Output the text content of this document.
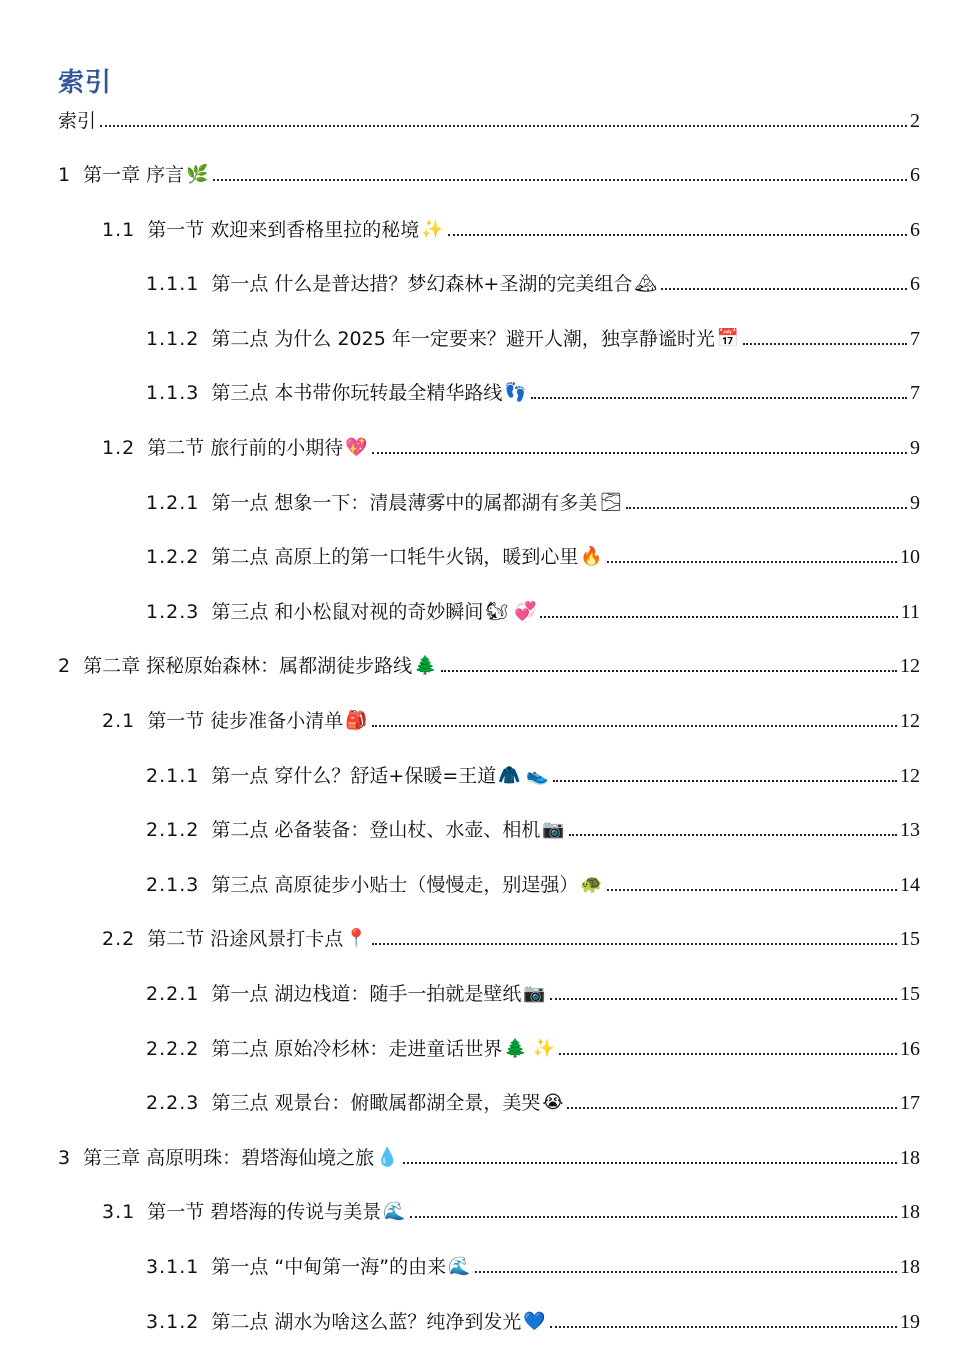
索引
索引	2
1 第一章 序言 🌿	6
1.1 第一节 欢迎来到香格里拉的秘境 ✨	6
1.1.1 第一点 什么是普达措？梦幻森林+圣湖的完美组合 🏔	6
1.1.2 第二点 为什么 2025 年一定要来？避开人潮，独享静谧时光 📅	7
1.1.3 第三点 本书带你玩转最全精华路线 👣	7
1.2 第二节 旅行前的小期待 💖	9
1.2.1 第一点 想象一下：清晨薄雾中的属都湖有多美 🌫	9
1.2.2 第二点 高原上的第一口牦牛火锅，暖到心里 🔥	10
1.2.3 第三点 和小松鼠对视的奇妙瞬间 🐿 💞	11
2 第二章 探秘原始森林：属都湖徒步路线 🌲	12
2.1 第一节 徒步准备小清单 🎒	12
2.1.1 第一点 穿什么？舒适+保暖=王道 🧥 👟	12
2.1.2 第二点 必备装备：登山杖、水壶、相机 📷	13
2.1.3 第三点 高原徒步小贴士（慢慢走，别逞强） 🐢	14
2.2 第二节 沿途风景打卡点 📍	15
2.2.1 第一点 湖边栈道：随手一拍就是壁纸 📷	15
2.2.2 第二点 原始冷杉林：走进童话世界 🌲 ✨	16
2.2.3 第三点 观景台：俯瞰属都湖全景，美哭 😭	17
3 第三章 高原明珠：碧塔海仙境之旅 💧	18
3.1 第一节 碧塔海的传说与美景 🌊	18
3.1.1 第一点 “中甸第一海”的由来 🌊	18
3.1.2 第二点 湖水为啥这么蓝？纯净到发光 💙	19
